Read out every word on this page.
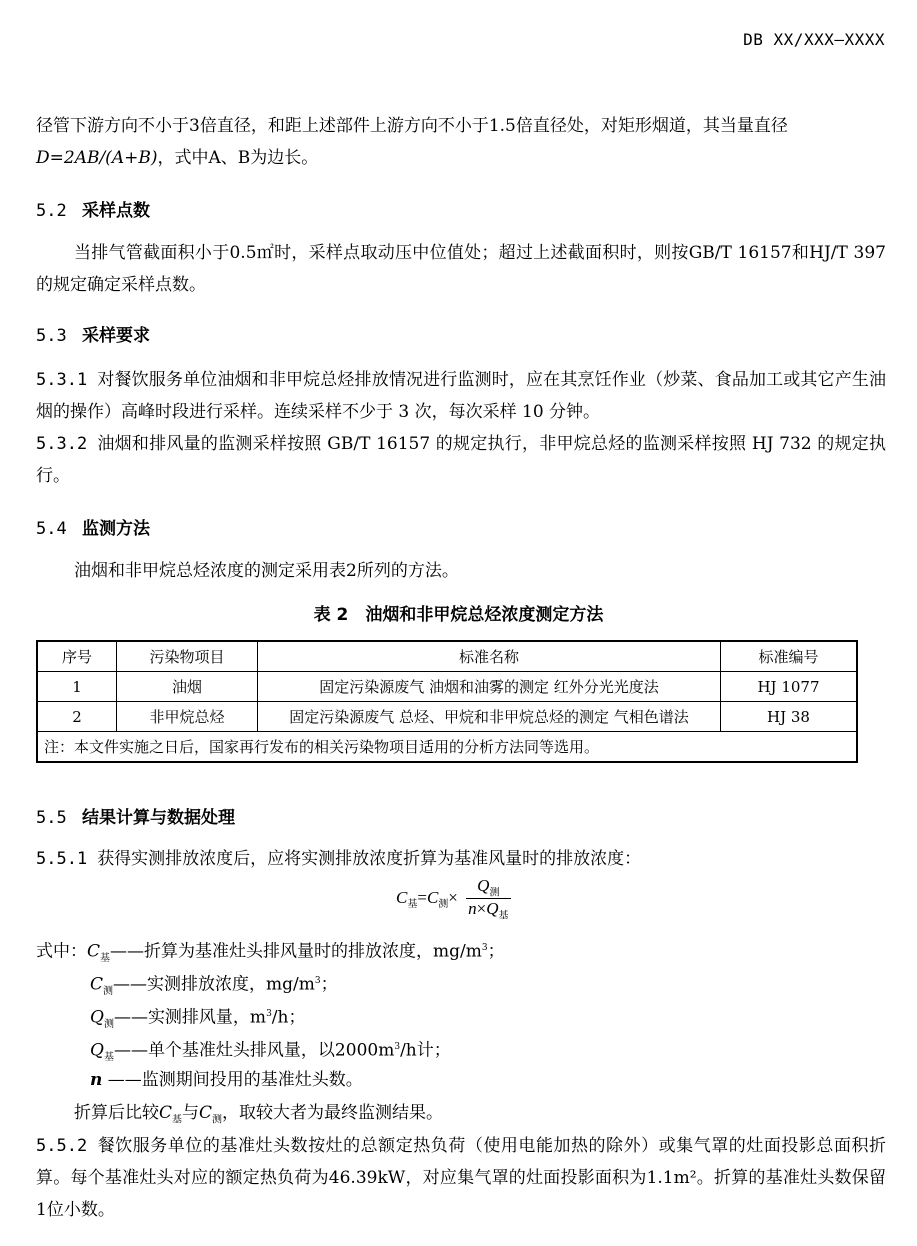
DB XX/XXX—XXXX
径管下游方向不小于3倍直径，和距上述部件上游方向不小于1.5倍直径处，对矩形烟道，其当量直径
D=2AB/(A+B)，式中A、B为边长。
5.2 采样点数
当排气管截面积小于0.5㎡时，采样点取动压中位值处；超过上述截面积时，则按GB/T 16157和HJ/T 397的规定确定采样点数。
5.3 采样要求
5.3.1 对餐饮服务单位油烟和非甲烷总烃排放情况进行监测时，应在其烹饪作业（炒菜、食品加工或其它产生油烟的操作）高峰时段进行采样。连续采样不少于 3 次，每次采样 10 分钟。
5.3.2 油烟和排风量的监测采样按照 GB/T 16157 的规定执行，非甲烷总烃的监测采样按照 HJ 732 的规定执行。
5.4 监测方法
油烟和非甲烷总烃浓度的测定采用表2所列的方法。
表 2　油烟和非甲烷总烃浓度测定方法
序号	污染物项目	标准名称	标准编号
1	油烟	固定污染源废气 油烟和油雾的测定 红外分光光度法	HJ 1077
2	非甲烷总烃	固定污染源废气 总烃、甲烷和非甲烷总烃的测定 气相色谱法	HJ 38
注：本文件实施之日后，国家再行发布的相关污染物项目适用的分析方法同等选用。			
5.5 结果计算与数据处理
5.5.1 获得实测排放浓度后，应将实测排放浓度折算为基准风量时的排放浓度：
$C_基=C_测\times \frac{Q_测}{n\times Q_基}$
式中：$C_基——$折算为基准灶头排风量时的排放浓度，$mg/m^3$；
$C_测——$实测排放浓度，$mg/m^3$；
$Q_测——$实测排风量，$m^3/h$；
$Q_基——$单个基准灶头排风量，以$2000m^3/h$计；
n ——监测期间投用的基准灶头数。
折算后比较$C_基$与$C_测$，取较大者为最终监测结果。
5.5.2 餐饮服务单位的基准灶头数按灶的总额定热负荷（使用电能加热的除外）或集气罩的灶面投影总面积折算。每个基准灶头对应的额定热负荷为46.39kW，对应集气罩的灶面投影面积为1.1m²。折算的基准灶头数保留1位小数。
